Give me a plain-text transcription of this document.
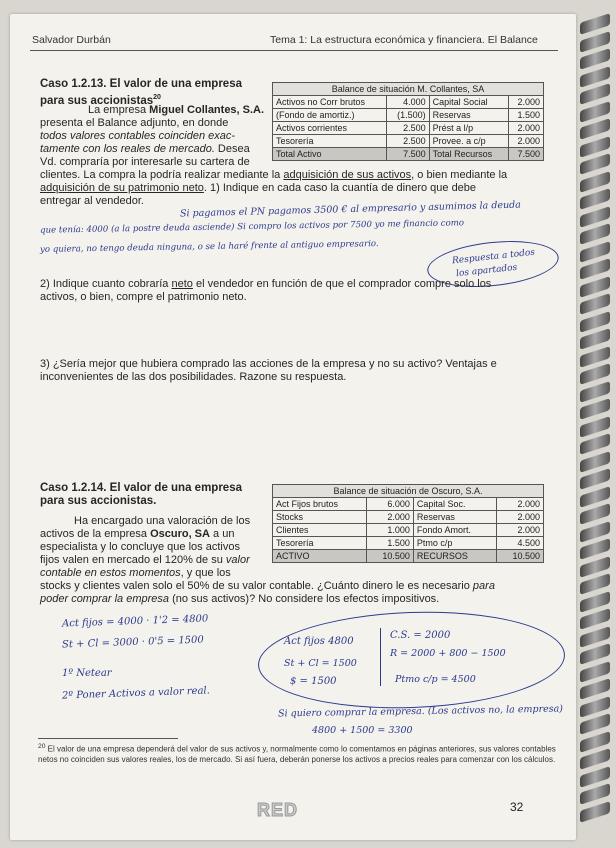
Salvador Durbán	Tema 1: La estructura económica y financiera. El Balance
Caso 1.2.13. El valor de una empresa
para sus accionistas$^{20}$
La empresa Miguel Collantes, S.A.
presenta el Balance adjunto, en donde
todos valores contables coinciden exac-
tamente con los reales de mercado. Desea
Vd. compraría por interesarle su cartera de
clientes. La compra la podría realizar mediante la adquisición de sus activos, o bien mediante la
adquisición de su patrimonio neto. 1) Indique en cada caso la cuantía de dinero que debe
entregar al vendedor.
Balance de situación M. Collantes, SA			
Activos no Corr brutos	4.000	Capital Social	2.000
(Fondo de amortiz.)	(1.500)	Reservas	1.500
Activos corrientes	2.500	Prést a l/p	2.000
Tesorería	2.500	Provee. a c/p	2.000
Total Activo	7.500	Total Recursos	7.500
Si pagamos el PN pagamos 3500 € al empresario y asumimos la deuda
que tenía: 4000 (a la postre deuda asciende) Si compro los activos por 7500 yo me financio como
yo quiera, no tengo deuda ninguna, o se la haré frente al antiguo empresario.
Respuesta a todos
los apartados
2) Indique cuanto cobraría neto el vendedor en función de que el comprador compre solo los
activos, o bien, compre el patrimonio neto.
3) ¿Sería mejor que hubiera comprado las acciones de la empresa y no su activo? Ventajas e
inconvenientes de las dos posibilidades. Razone su respuesta.
Caso 1.2.14. El valor de una empresa
para sus accionistas.
Ha encargado una valoración de los
activos de la empresa Oscuro, SA a un
especialista y lo concluye que los activos
fijos valen en mercado el 120% de su valor
contable en estos momentos, y que los
stocks y clientes valen solo el 50% de su valor contable. ¿Cuánto dinero le es necesario para
poder comprar la empresa (no sus activos)? No considere los efectos impositivos.
Balance de situación de Oscuro, S.A.			
Act Fijos brutos	6.000	Capital Soc.	2.000
Stocks	2.000	Reservas	2.000
Clientes	1.000	Fondo Amort.	2.000
Tesorería	1.500	Ptmo c/p	4.500
ACTIVO	10.500	RECURSOS	10.500
Act fijos = 4000 · 1'2 = 4800
St + Cl = 3000 · 0'5 = 1500
1º Netear
2º Poner Activos a valor real.
Act fijos 4800
St + Cl = 1500
$ = 1500
C.S. = 2000
R = 2000 + 800 − 1500
Ptmo c/p = 4500
Si quiero comprar la empresa. (Los activos no, la empresa)
4800 + 1500 = 3300
$^{20}$ El valor de una empresa dependerá del valor de sus activos y, normalmente como lo comentamos en páginas anteriores, sus valores contables netos no coinciden sus valores reales, los de mercado. Si así fuera, deberán ponerse los activos a precios reales para comenzar con los cálculos.
RED	32
